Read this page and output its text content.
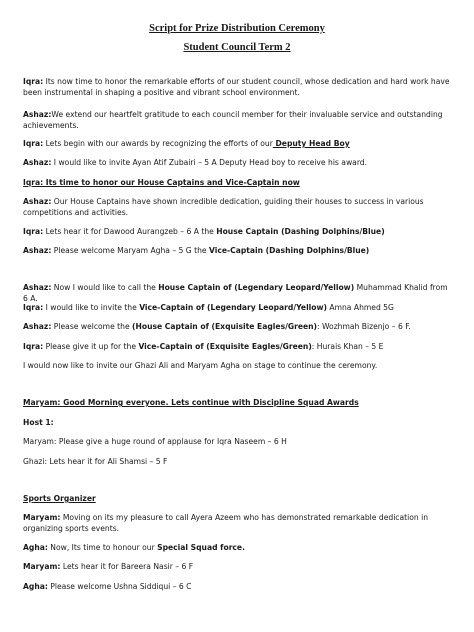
Script for Prize Distribution Ceremony
Student Council Term 2
Iqra: Its now time to honor the remarkable efforts of our student council, whose dedication and hard work have been instrumental in shaping a positive and vibrant school environment.
Ashaz:We extend our heartfelt gratitude to each council member for their invaluable service and outstanding achievements.
Iqra: Lets begin with our awards by recognizing the efforts of our Deputy Head Boy
Ashaz: I would like to invite Ayan Atif Zubairi – 5 A Deputy Head boy to receive his award.
Iqra: Its time to honor our House Captains and Vice-Captain now
Ashaz: Our House Captains have shown incredible dedication, guiding their houses to success in various competitions and activities.
Iqra: Lets hear it for Dawood Aurangzeb – 6 A the House Captain (Dashing Dolphins/Blue)
Ashaz: Please welcome Maryam Agha – 5 G the Vice-Captain (Dashing Dolphins/Blue)
Ashaz: Now I would like to call the House Captain of (Legendary Leopard/Yellow) Muhammad Khalid from 6 A.
Iqra: I would like to invite the Vice-Captain of (Legendary Leopard/Yellow) Amna Ahmed 5G
Ashaz: Please welcome the (House Captain of (Exquisite Eagles/Green): Wozhmah Bizenjo – 6 F.
Iqra: Please give it up for the Vice-Captain of (Exquisite Eagles/Green): Hurais Khan – 5 E
I would now like to invite our Ghazi Ali and Maryam Agha on stage to continue the ceremony.
Maryam: Good Morning everyone. Lets continue with Discipline Squad Awards
Host 1:
Maryam: Please give a huge round of applause for Iqra Naseem – 6 H
Ghazi: Lets hear it for Ali Shamsi – 5 F
Sports Organizer
Maryam: Moving on its my pleasure to call Ayera Azeem who has demonstrated remarkable dedication in organizing sports events.
Agha: Now, Its time to honour our Special Squad force.
Maryam: Lets hear it for Bareera Nasir – 6 F
Agha: Please welcome Ushna Siddiqui – 6 C
